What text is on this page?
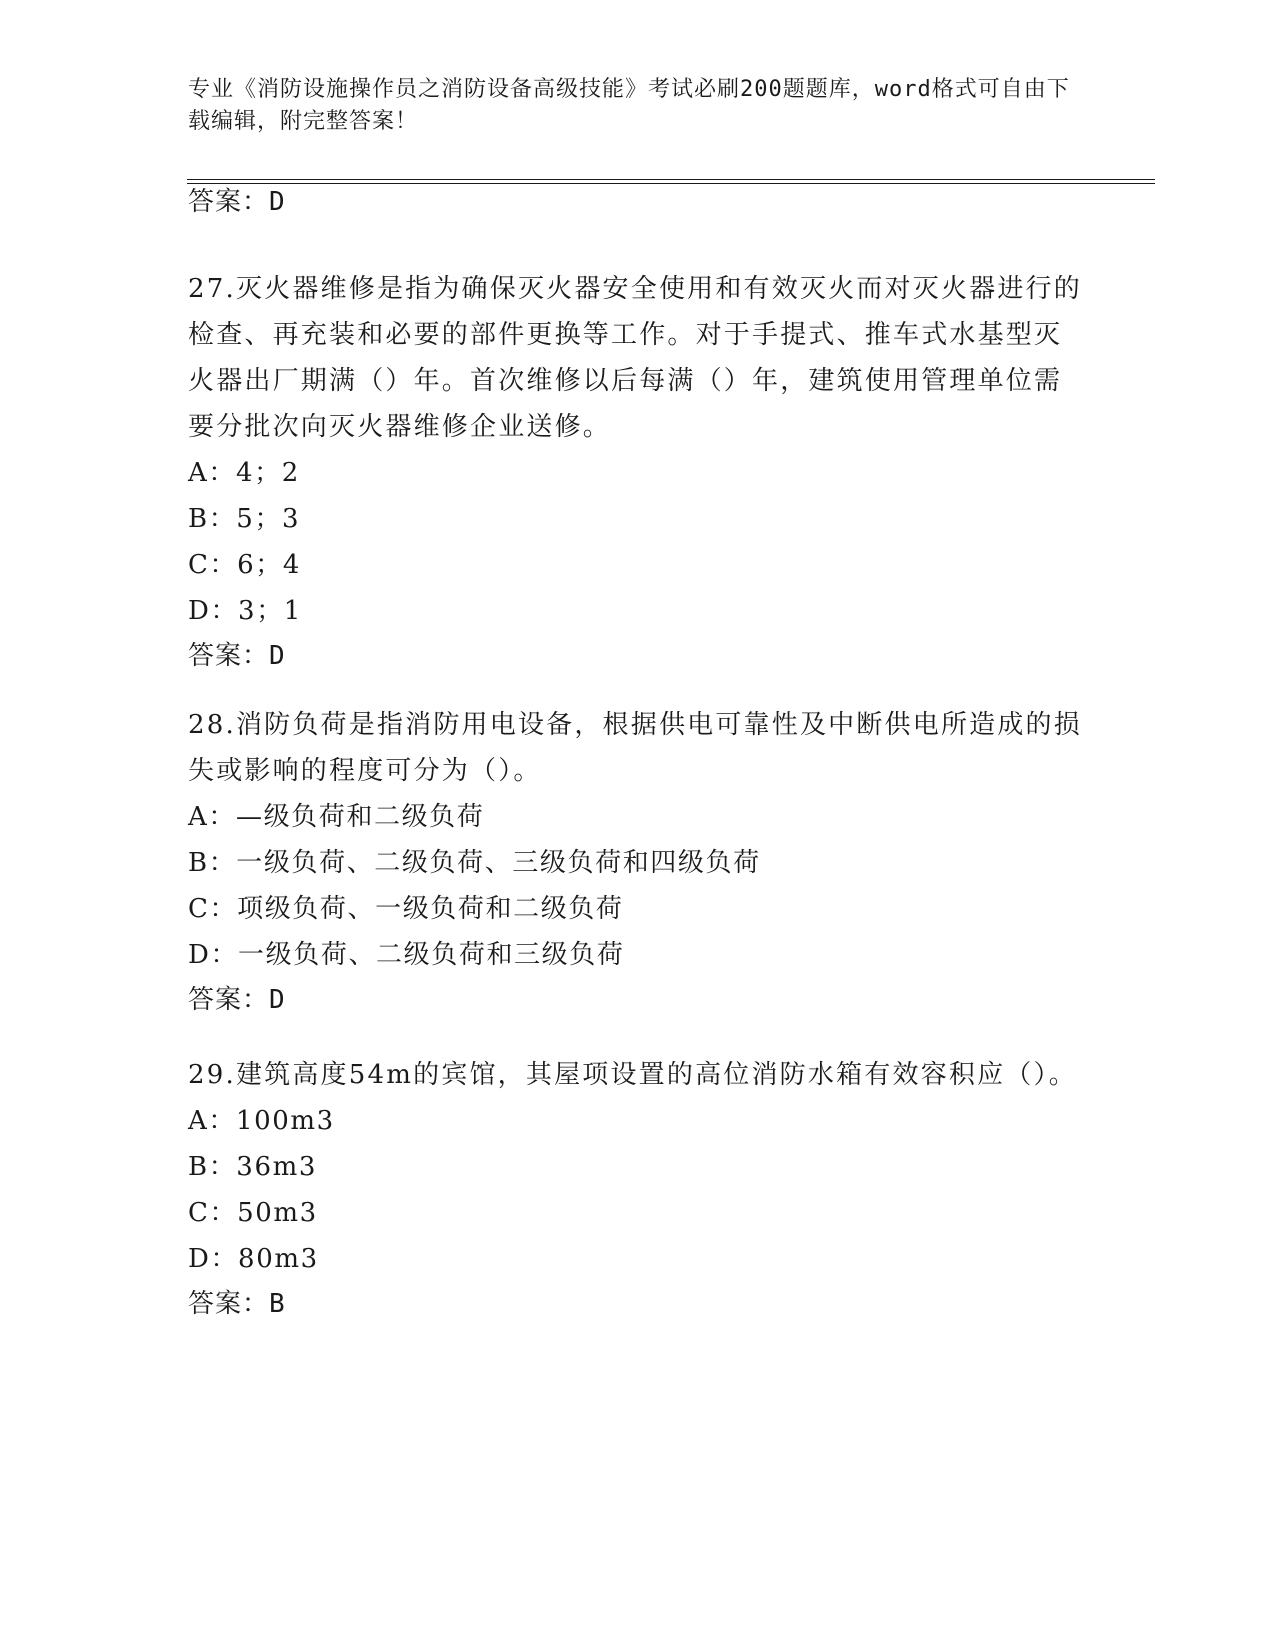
专业《消防设施操作员之消防设备高级技能》考试必刷200题题库，word格式可自由下载编辑，附完整答案！
答案：D
27.灭火器维修是指为确保灭火器安全使用和有效灭火而对灭火器进行的检查、再充装和必要的部件更换等工作。对于手提式、推车式水基型灭火器出厂期满（）年。首次维修以后每满（）年，建筑使用管理单位需要分批次向灭火器维修企业送修。
A：4；2
B：5；3
C：6；4
D：3；1
答案：D
28.消防负荷是指消防用电设备，根据供电可靠性及中断供电所造成的损失或影响的程度可分为（）。
A：—级负荷和二级负荷
B：一级负荷、二级负荷、三级负荷和四级负荷
C：项级负荷、一级负荷和二级负荷
D：一级负荷、二级负荷和三级负荷
答案：D
29.建筑高度54m的宾馆，其屋项设置的高位消防水箱有效容积应（）。
A：100m3
B：36m3
C：50m3
D：80m3
答案：B
